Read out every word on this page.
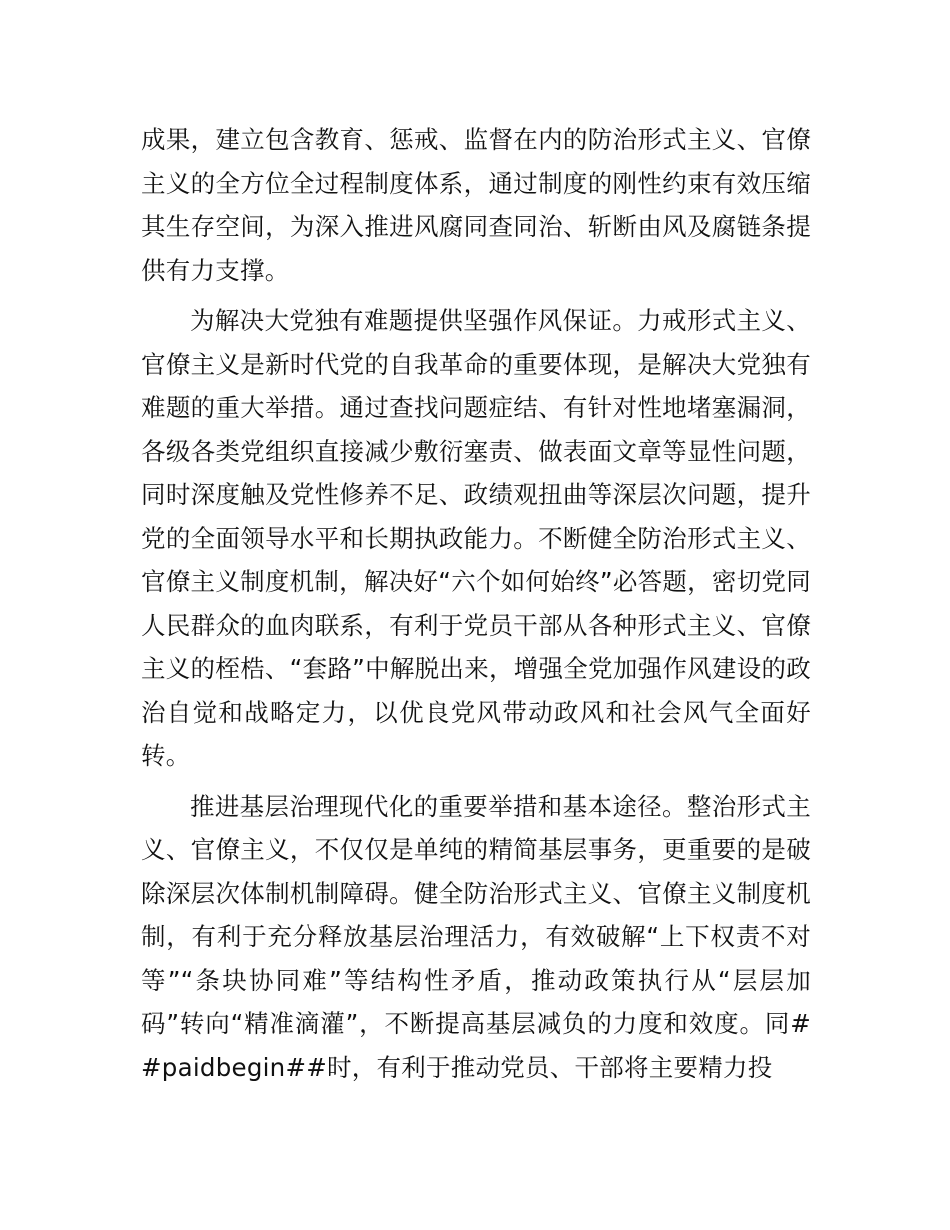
成果，建立包含教育、惩戒、监督在内的防治形式主义、官僚主义的全方位全过程制度体系，通过制度的刚性约束有效压缩其生存空间，为深入推进风腐同查同治、斩断由风及腐链条提供有力支撑。

为解决大党独有难题提供坚强作风保证。力戒形式主义、官僚主义是新时代党的自我革命的重要体现，是解决大党独有难题的重大举措。通过查找问题症结、有针对性地堵塞漏洞，各级各类党组织直接减少敷衍塞责、做表面文章等显性问题，同时深度触及党性修养不足、政绩观扭曲等深层次问题，提升党的全面领导水平和长期执政能力。不断健全防治形式主义、官僚主义制度机制，解决好“六个如何始终”必答题，密切党同人民群众的血肉联系，有利于党员干部从各种形式主义、官僚主义的桎梏、“套路”中解脱出来，增强全党加强作风建设的政治自觉和战略定力，以优良党风带动政风和社会风气全面好转。

推进基层治理现代化的重要举措和基本途径。整治形式主义、官僚主义，不仅仅是单纯的精简基层事务，更重要的是破除深层次体制机制障碍。健全防治形式主义、官僚主义制度机制，有利于充分释放基层治理活力，有效破解“上下权责不对等”“条块协同难”等结构性矛盾，推动政策执行从“层层加码”转向“精准滴灌”，不断提高基层减负的力度和效度。同##paidbegin##时，有利于推动党员、干部将主要精力投
